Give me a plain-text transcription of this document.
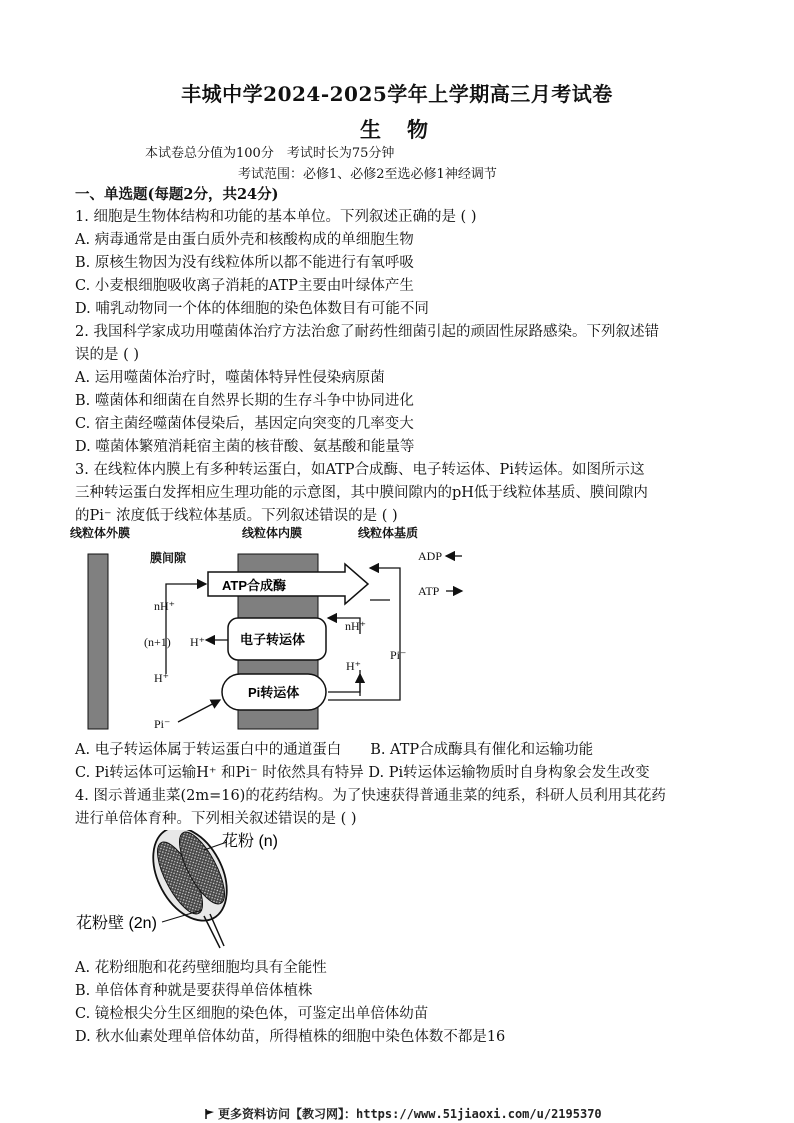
丰城中学2024-2025学年上学期高三月考试卷
生物
本试卷总分值为100分　考试时长为75分钟
考试范围：必修1、必修2至选必修1神经调节
一、单选题(每题2分，共24分)
1. 细胞是生物体结构和功能的基本单位。下列叙述正确的是 ( )
A. 病毒通常是由蛋白质外壳和核酸构成的单细胞生物
B. 原核生物因为没有线粒体所以都不能进行有氧呼吸
C. 小麦根细胞吸收离子消耗的ATP主要由叶绿体产生
D. 哺乳动物同一个体的体细胞的染色体数目有可能不同
2. 我国科学家成功用噬菌体治疗方法治愈了耐药性细菌引起的顽固性尿路感染。下列叙述错
误的是 ( )
A. 运用噬菌体治疗时，噬菌体特异性侵染病原菌
B. 噬菌体和细菌在自然界长期的生存斗争中协同进化
C. 宿主菌经噬菌体侵染后，基因定向突变的几率变大
D. 噬菌体繁殖消耗宿主菌的核苷酸、氨基酸和能量等
3. 在线粒体内膜上有多种转运蛋白，如ATP合成酶、电子转运体、Pi转运体。如图所示这
三种转运蛋白发挥相应生理功能的示意图，其中膜间隙内的pH低于线粒体基质、膜间隙内
的Pi⁻ 浓度低于线粒体基质。下列叙述错误的是 ( )
线粒体外膜	线粒体内膜	线粒体基质
膜间隙
ATP合成酶
电子转运体
Pi转运体
nH⁺
(n+1) H⁺
H⁺
Pi⁻
nH⁺
H⁺
Pi⁻
ADP
ATP
A. 电子转运体属于转运蛋白中的通道蛋白　　B. ATP合成酶具有催化和运输功能
C. Pi转运体可运输H⁺ 和Pi⁻ 时依然具有特异 D. Pi转运体运输物质时自身构象会发生改变
4. 图示普通韭菜(2m=16)的花药结构。为了快速获得普通韭菜的纯系，科研人员利用其花药
进行单倍体育种。下列相关叙述错误的是 ( )
花粉 (n)
花粉壁 (2n)
A. 花粉细胞和花药壁细胞均具有全能性
B. 单倍体育种就是要获得单倍体植株
C. 镜检根尖分生区细胞的染色体，可鉴定出单倍体幼苗
D. 秋水仙素处理单倍体幼苗，所得植株的细胞中染色体数不都是16
更多资料访问【教习网】：https://www.51jiaoxi.com/u/2195370
